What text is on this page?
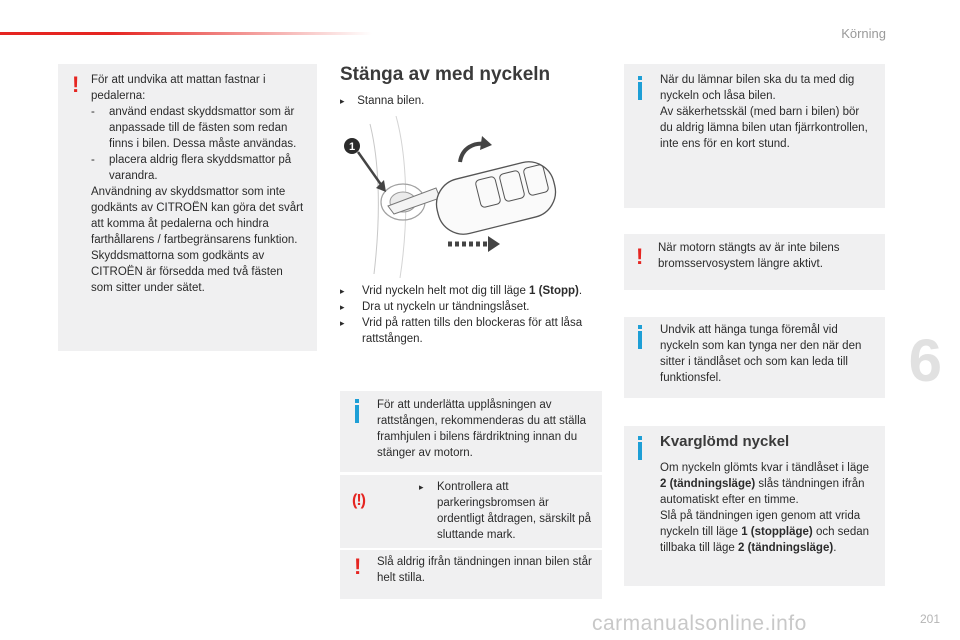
Körning
6
201
carmanualsonline.info
! För att undvika att mattan fastnar i pedalerna:

- använd endast skyddsmattor som är anpassade till de fästen som redan finns i bilen. Dessa måste användas.
- placera aldrig flera skyddsmattor på varandra.

Användning av skyddsmattor som inte godkänts av CITROËN kan göra det svårt att komma åt pedalerna och hindra farthållarens / fartbegränsarens funktion.

Skyddsmattorna som godkänts av CITROËN är försedda med två fästen som sitter under sätet.

Stänga av med nyckeln
▸ Stanna bilen.
1
▸ Vrid nyckeln helt mot dig till läge 1 (Stopp).
▸ Dra ut nyckeln ur tändningslåset.
▸ Vrid på ratten tills den blockeras för att låsa rattstången.

För att underlätta upplåsningen av rattstången, rekommenderas du att ställa framhjulen i bilens färdriktning innan du stänger av motorn.

(!)
▸ Kontrollera att parkeringsbromsen är ordentligt åtdragen, särskilt på sluttande mark.
! Slå aldrig ifrån tändningen innan bilen står helt stilla.

När du lämnar bilen ska du ta med dig nyckeln och låsa bilen.
Av säkerhetsskäl (med barn i bilen) bör du aldrig lämna bilen utan fjärrkontrollen, inte ens för en kort stund.

! När motorn stängts av är inte bilens bromsservosystem längre aktivt.

Undvik att hänga tunga föremål vid nyckeln som kan tynga ner den när den sitter i tändlåset och som kan leda till funktionsfel.

Kvarglömd nyckel

Om nyckeln glömts kvar i tändlåset i läge 2 (tändningsläge) slås tändningen ifrån automatiskt efter en timme.

Slå på tändningen igen genom att vrida nyckeln till läge 1 (stoppläge) och sedan tillbaka till läge 2 (tändningsläge).
